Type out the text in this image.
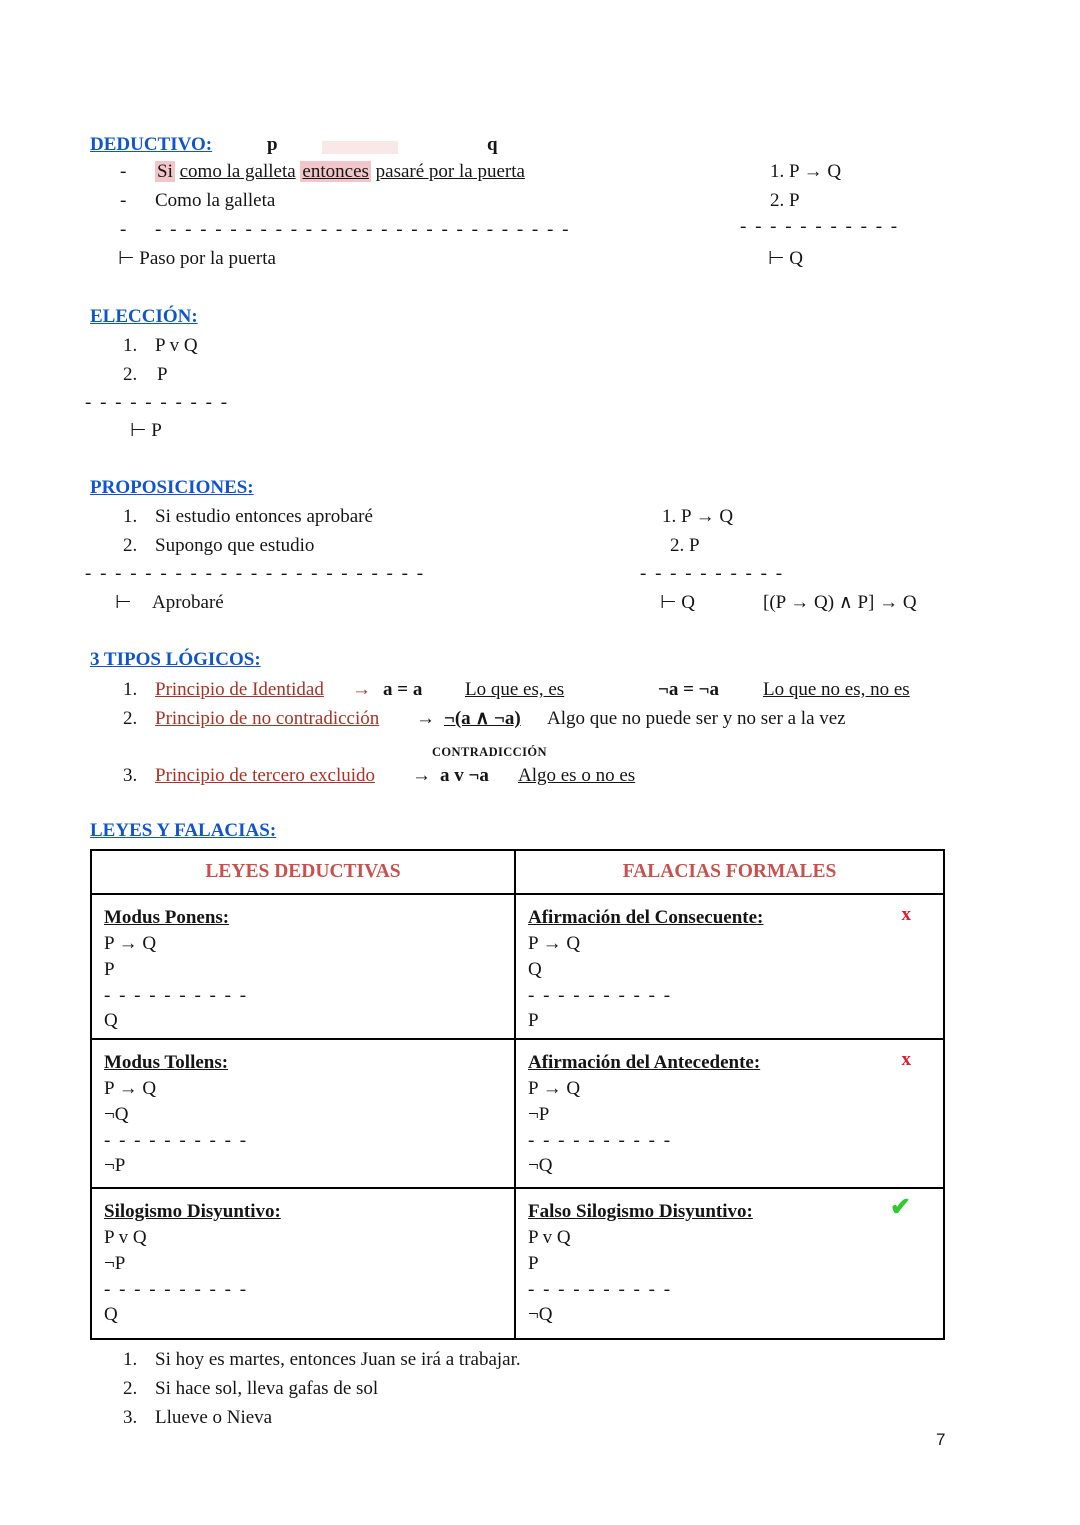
DEDUCTIVO:	p	q
- Si como la galleta entonces pasaré por la puerta
- Como la galleta
- - - - - - - - - - - - - - - - - - - - - - - - - - - - -
⊢ Paso por la puerta
1. P → Q
2. P
- - - - - - - - - - -
⊢ Q
ELECCIÓN:
1. P v Q
2. P
- - - - - - - - - -
⊢ P
PROPOSICIONES:
1. Si estudio entonces aprobaré
2. Supongo que estudio
- - - - - - - - - - - - - - - - - - - - - - -
⊢ Aprobaré
1. P → Q
2. P
- - - - - - - - - -
⊢ Q	[(P → Q) ∧ P] → Q
3 TIPOS LÓGICOS:
1. Principio de Identidad → a = a Lo que es, es	¬a = ¬a Lo que no es, no es
2. Principio de no contradicción → ¬(a ∧ ¬a) Algo que no puede ser y no ser a la vez
CONTRADICCIÓN
3. Principio de tercero excluido → a v ¬a Algo es o no es
LEYES Y FALACIAS:
LEYES DEDUCTIVAS	FALACIAS FORMALES
Modus Ponens:
P → Q
P
- - - - - - - - - -
Q
Afirmación del Consecuente:	x
P → Q
Q
- - - - - - - - - -
P
Modus Tollens:
P → Q
¬Q
- - - - - - - - - -
¬P
Afirmación del Antecedente:	x
P → Q
¬P
- - - - - - - - - -
¬Q
Silogismo Disyuntivo:
P v Q
¬P
- - - - - - - - - -
Q
Falso Silogismo Disyuntivo:	✔
P v Q
P
- - - - - - - - - -
¬Q
1. Si hoy es martes, entonces Juan se irá a trabajar.
2. Si hace sol, lleva gafas de sol
3. Llueve o Nieva
7
